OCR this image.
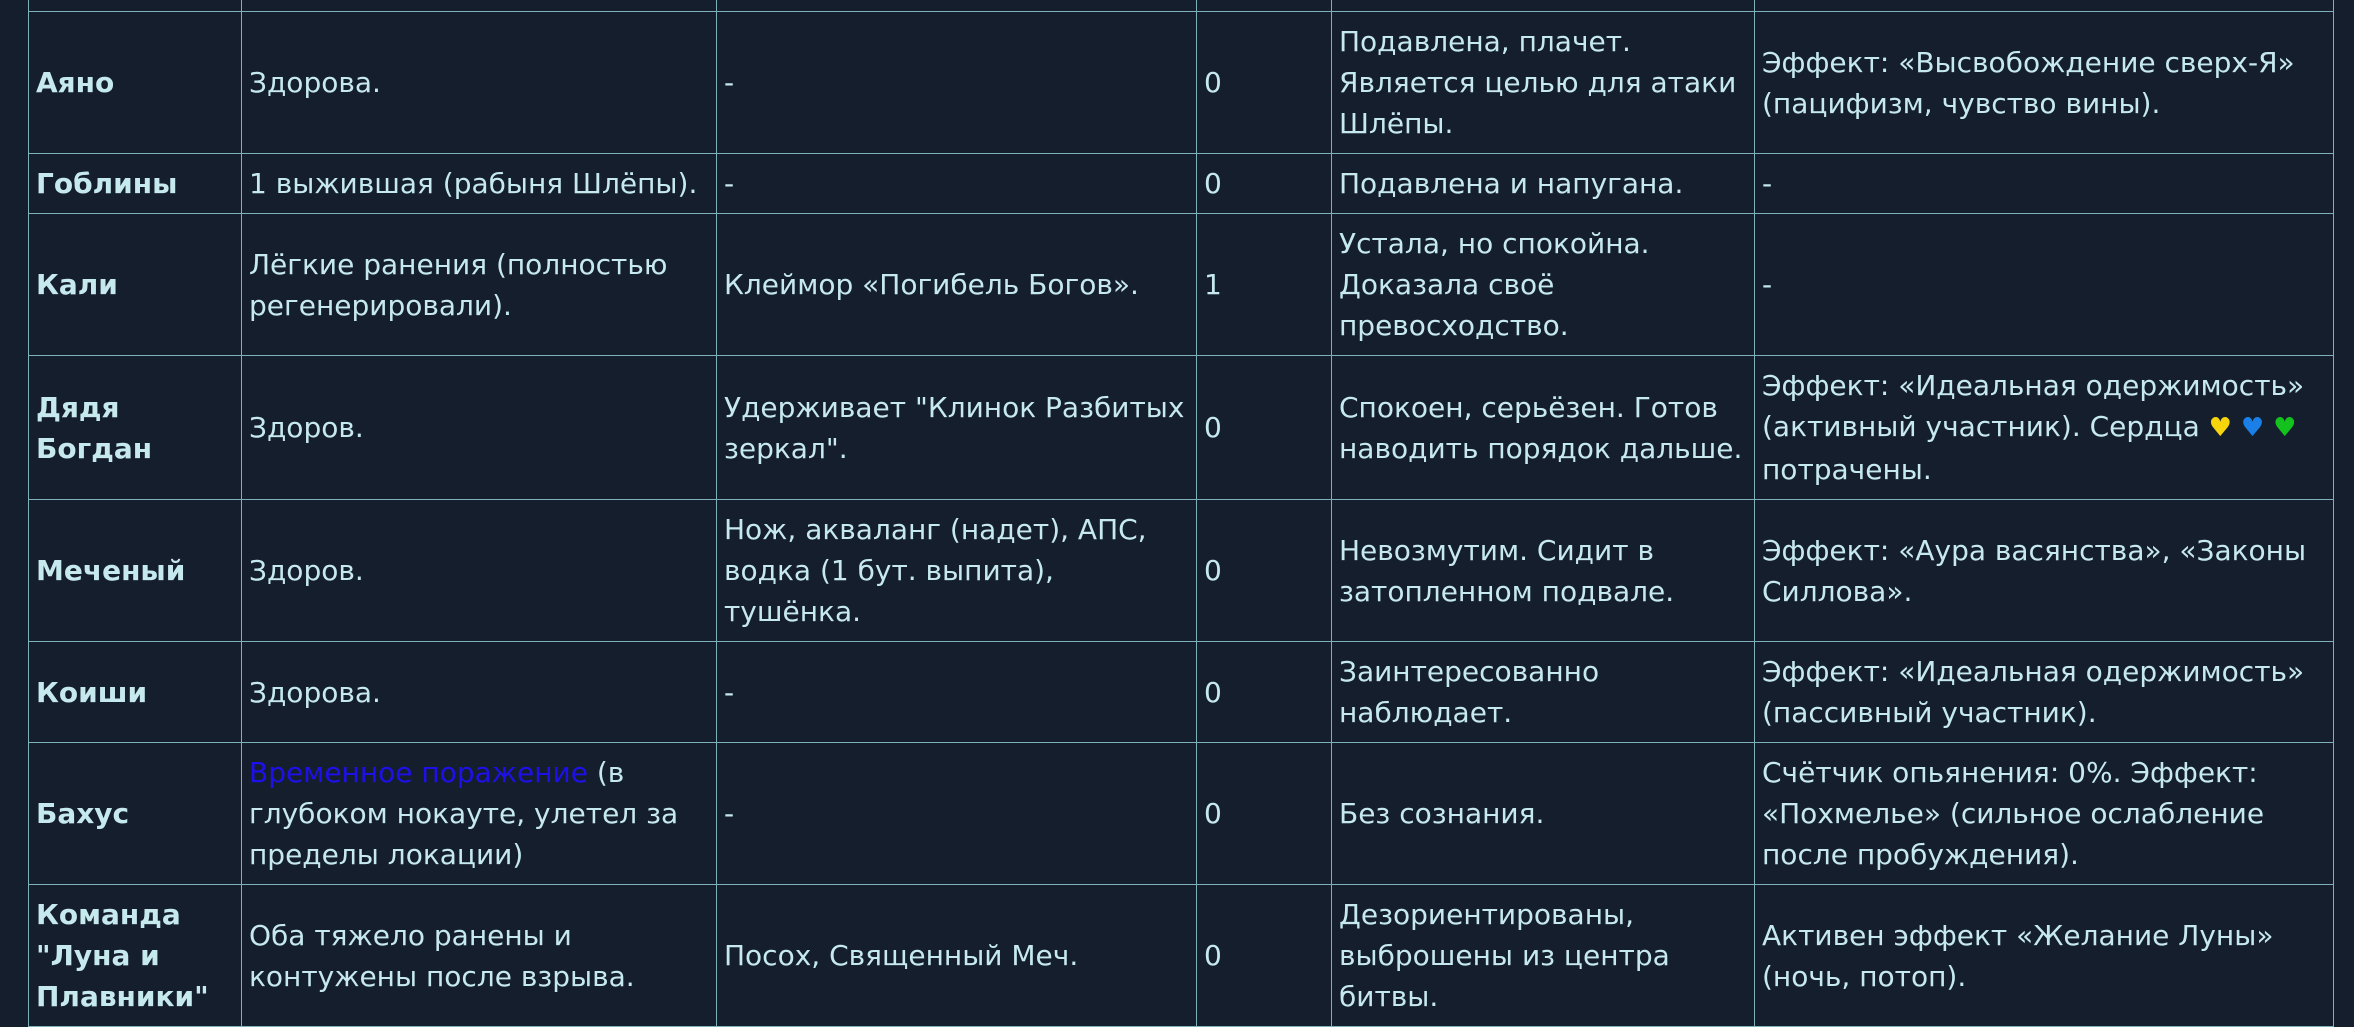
Аяно	Здорова.	-	0	Подавлена, плачет. Является целью для атаки Шлёпы.	Эффект: «Высвобождение сверх-Я» (пацифизм, чувство вины).
Гоблины	1 выжившая (рабыня Шлёпы).	-	0	Подавлена и напугана.	-
Кали	Лёгкие ранения (полностью регенерировали).	Клеймор «Погибель Богов».	1	Устала, но спокойна. Доказала своё превосходство.	-
Дядя Богдан	Здоров.	Удерживает "Клинок Разбитых зеркал".	0	Спокоен, серьёзен. Готов наводить порядок дальше.	Эффект: «Идеальная одержимость» (активный участник). Сердца ♥ ♥ ♥ потрачены.
Меченый	Здоров.	Нож, акваланг (надет), АПС, водка (1 бут. выпита), тушёнка.	0	Невозмутим. Сидит в затопленном подвале.	Эффект: «Аура васянства», «Законы Силлова».
Коиши	Здорова.	-	0	Заинтересованно наблюдает.	Эффект: «Идеальная одержимость» (пассивный участник).
Бахус	Временное поражение (в глубоком нокауте, улетел за пределы локации)	-	0	Без сознания.	Счётчик опьянения: 0%. Эффект: «Похмелье» (сильное ослабление после пробуждения).
Команда "Луна и Плавники"	Оба тяжело ранены и контужены после взрыва.	Посох, Священный Меч.	0	Дезориентированы, выброшены из центра битвы.	Активен эффект «Желание Луны» (ночь, потоп).
